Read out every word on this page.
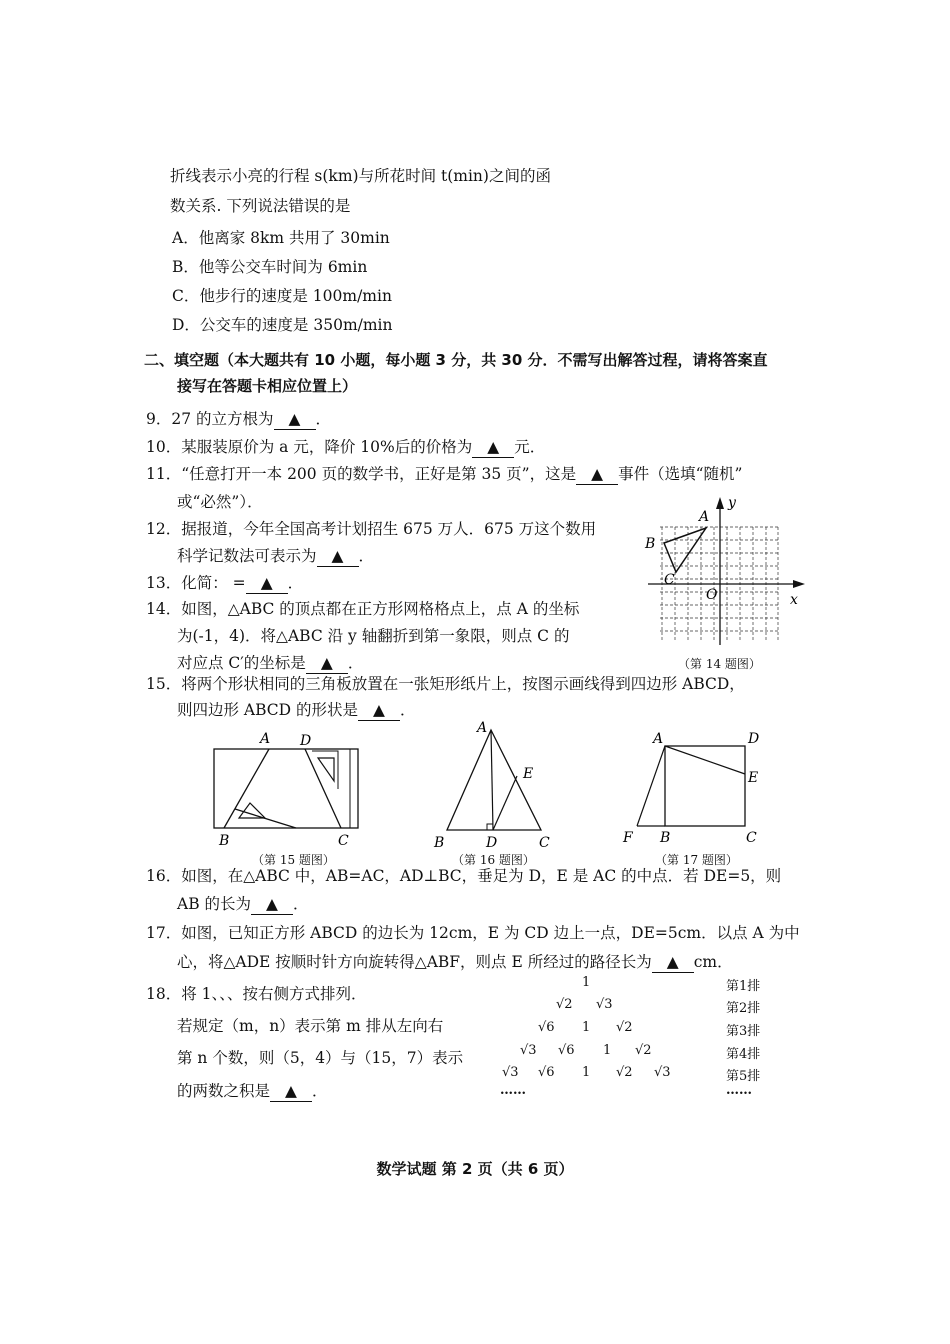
折线表示小亮的行程 s(km)与所花时间 t(min)之间的函
数关系. 下列说法错误的是
A．他离家 8km 共用了 30min
B．他等公交车时间为 6min
C．他步行的速度是 100m/min
D．公交车的速度是 350m/min
二、填空题（本大题共有 10 小题，每小题 3 分，共 30 分．不需写出解答过程，请将答案直
接写在答题卡相应位置上）
9．27 的立方根为 ▲ ．
10．某服装原价为 a 元，降价 10%后的价格为 ▲ 元．
11．“任意打开一本 200 页的数学书，正好是第 35 页”，这是 ▲ 事件（选填“随机”
或“必然”）．
12．据报道，今年全国高考计划招生 675 万人．675 万这个数用
科学记数法可表示为 ▲ ．
13．化简： = ▲ ．
14．如图，△ABC 的顶点都在正方形网格格点上，点 A 的坐标
为(-1，4)．将△ABC 沿 y 轴翻折到第一象限，则点 C 的
对应点 C′的坐标是 ▲ ．
A
B
C
O	x
y
（第 14 题图）
15．将两个形状相同的三角板放置在一张矩形纸片上，按图示画线得到四边形 ABCD，
则四边形 ABCD 的形状是 ▲ ．
A D
B	C
（第 15 题图）
A
E
B	D	C
（第 16 题图）
A	D
E
F B	C
（第 17 题图）
16．如图，在△ABC 中，AB=AC，AD⊥BC，垂足为 D，E 是 AC 的中点．若 DE=5，则
AB 的长为 ▲ ．
17．如图，已知正方形 ABCD 的边长为 12cm，E 为 CD 边上一点，DE=5cm．以点 A 为中
心，将△ADE 按顺时针方向旋转得△ABF，则点 E 所经过的路径长为 ▲ cm．
18．将 1、、、按右侧方式排列．
若规定（m，n）表示第 m 排从左向右
第 n 个数，则（5，4）与（15，7）表示
的两数之积是 ▲ ．
1	第1排
√2 √3	第2排
√6 1 √2	第3排
√3 √6 1 √2	第4排
√3 √6 1 √2 √3	第5排
……	……
数学试题 第 2 页（共 6 页）
